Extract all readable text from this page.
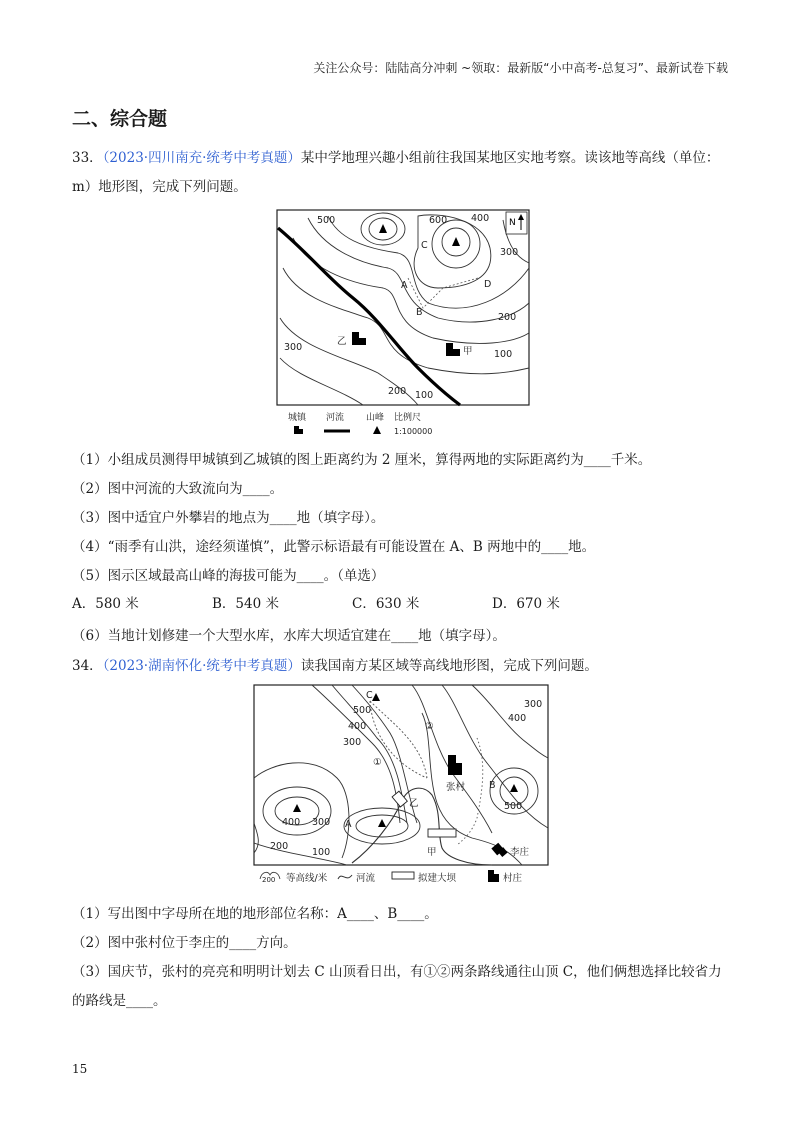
关注公众号：陆陆高分冲刺 ~领取：最新版“小中高考-总复习”、最新试卷下载
二、综合题
33．（2023·四川南充·统考中考真题）某中学地理兴趣小组前往我国某地区实地考察。读该地等高线（单位：m）地形图，完成下列问题。
N
500	600	400
300
200
100
300
200 100
C
A
B
D
乙
甲
城镇 河流 山峰 比例尺
1:100000
（1）小组成员测得甲城镇到乙城镇的图上距离约为 2 厘米，算得两地的实际距离约为____千米。
（2）图中河流的大致流向为____。
（3）图中适宜户外攀岩的地点为____地（填字母）。
（4）“雨季有山洪，途经须谨慎”，此警示标语最有可能设置在 A、B 两地中的____地。
（5）图示区域最高山峰的海拔可能为____。（单选）
A．580 米	B．540 米	C．630 米	D．670 米
（6）当地计划修建一个大型水库，水库大坝适宜建在____地（填字母）。
34．（2023·湖南怀化·统考中考真题）读我国南方某区域等高线地形图，完成下列问题。
C
500
400
300
300
400
②
①
张村	B
500
乙
400 300 A
200
100	甲	李庄
200 等高线/米	河流	拟建大坝	村庄
（1）写出图中字母所在地的地形部位名称：A____、B____。
（2）图中张村位于李庄的____方向。
（3）国庆节，张村的亮亮和明明计划去 C 山顶看日出，有①②两条路线通往山顶 C，他们俩想选择比较省力的路线是____。
15
